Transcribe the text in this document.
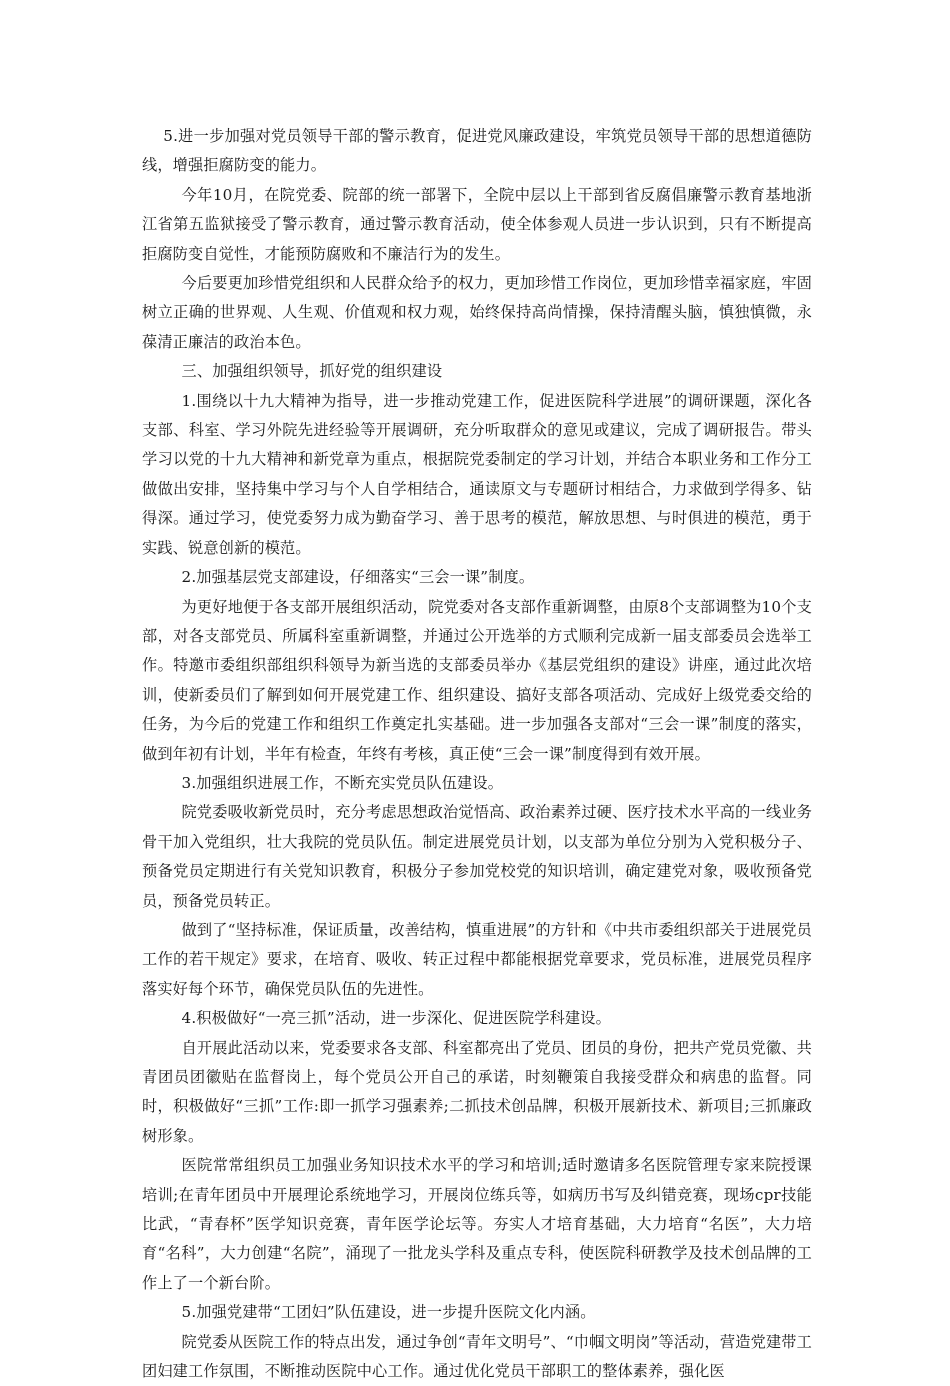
5.进一步加强对党员领导干部的警示教育，促进党风廉政建设，牢筑党员领导干部的思想道德防线，增强拒腐防变的能力。

今年10月，在院党委、院部的统一部署下，全院中层以上干部到省反腐倡廉警示教育基地浙江省第五监狱接受了警示教育，通过警示教育活动，使全体参观人员进一步认识到，只有不断提高拒腐防变自觉性，才能预防腐败和不廉洁行为的发生。

今后要更加珍惜党组织和人民群众给予的权力，更加珍惜工作岗位，更加珍惜幸福家庭，牢固树立正确的世界观、人生观、价值观和权力观，始终保持高尚情操，保持清醒头脑，慎独慎微，永葆清正廉洁的政治本色。

三、加强组织领导，抓好党的组织建设

1.围绕以十九大精神为指导，进一步推动党建工作，促进医院科学进展”的调研课题，深化各支部、科室、学习外院先进经验等开展调研，充分听取群众的意见或建议，完成了调研报告。带头学习以党的十九大精神和新党章为重点，根据院党委制定的学习计划，并结合本职业务和工作分工做做出安排，坚持集中学习与个人自学相结合，通读原文与专题研讨相结合，力求做到学得多、钻得深。通过学习，使党委努力成为勤奋学习、善于思考的模范，解放思想、与时俱进的模范，勇于实践、锐意创新的模范。

2.加强基层党支部建设，仔细落实“三会一课”制度。

为更好地便于各支部开展组织活动，院党委对各支部作重新调整，由原8个支部调整为10个支部，对各支部党员、所属科室重新调整，并通过公开选举的方式顺利完成新一届支部委员会选举工作。特邀市委组织部组织科领导为新当选的支部委员举办《基层党组织的建设》讲座，通过此次培训，使新委员们了解到如何开展党建工作、组织建设、搞好支部各项活动、完成好上级党委交给的任务，为今后的党建工作和组织工作奠定扎实基础。进一步加强各支部对“三会一课”制度的落实，做到年初有计划，半年有检查，年终有考核，真正使“三会一课”制度得到有效开展。

3.加强组织进展工作，不断充实党员队伍建设。

院党委吸收新党员时，充分考虑思想政治觉悟高、政治素养过硬、医疗技术水平高的一线业务骨干加入党组织，壮大我院的党员队伍。制定进展党员计划，以支部为单位分别为入党积极分子、预备党员定期进行有关党知识教育，积极分子参加党校党的知识培训，确定建党对象，吸收预备党员，预备党员转正。

做到了“坚持标准，保证质量，改善结构，慎重进展”的方针和《中共市委组织部关于进展党员工作的若干规定》要求，在培育、吸收、转正过程中都能根据党章要求，党员标准，进展党员程序落实好每个环节，确保党员队伍的先进性。

4.积极做好“一亮三抓”活动，进一步深化、促进医院学科建设。

自开展此活动以来，党委要求各支部、科室都亮出了党员、团员的身份，把共产党员党徽、共青团员团徽贴在监督岗上，每个党员公开自己的承诺，时刻鞭策自我接受群众和病患的监督。同时，积极做好“三抓”工作:即一抓学习强素养;二抓技术创品牌，积极开展新技术、新项目;三抓廉政树形象。

医院常常组织员工加强业务知识技术水平的学习和培训;适时邀请多名医院管理专家来院授课培训;在青年团员中开展理论系统地学习，开展岗位练兵等，如病历书写及纠错竞赛，现场cpr技能比武，“青春杯”医学知识竞赛，青年医学论坛等。夯实人才培育基础，大力培育“名医”，大力培育“名科”，大力创建“名院”，涌现了一批龙头学科及重点专科，使医院科研教学及技术创品牌的工作上了一个新台阶。

5.加强党建带“工团妇”队伍建设，进一步提升医院文化内涵。

院党委从医院工作的特点出发，通过争创“青年文明号”、“巾帼文明岗”等活动，营造党建带工团妇建工作氛围，不断推动医院中心工作。通过优化党员干部职工的整体素养，强化医
